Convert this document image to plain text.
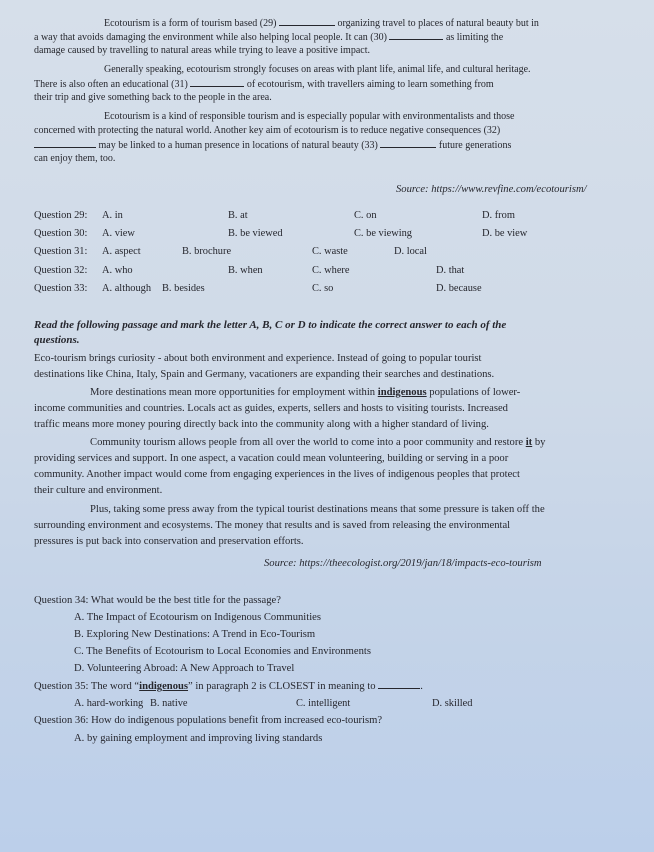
Ecotourism is a form of tourism based (29)	organizing travel to places of natural beauty but in
a way that avoids damaging the environment while also helping local people. It can (30)	as limiting the
damage caused by travelling to natural areas while trying to leave a positive impact.
Generally speaking, ecotourism strongly focuses on areas with plant life, animal life, and cultural heritage.
There is also often an educational (31)	of ecotourism, with travellers aiming to learn something from
their trip and give something back to the people in the area.
Ecotourism is a kind of responsible tourism and is especially popular with environmentalists and those
concerned with protecting the natural world. Another key aim of ecotourism is to reduce negative consequences (32)
may be linked to a human presence in locations of natural beauty (33)	future generations
can enjoy them, too.
Source: https://www.revfine.com/ecotourism/
Question 29: A. in	B. at	C. on	D. from
Question 30: A. view	B. be viewed	C. be viewing	D. be view
Question 31: A. aspect	B. brochure	C. waste	D. local
Question 32: A. who	B. when	C. where	D. that
Question 33: A. although B. besides	C. so	D. because
Read the following passage and mark the letter A, B, C or D to indicate the correct answer to each of the
questions.
Eco-tourism brings curiosity - about both environment and experience. Instead of going to popular tourist
destinations like China, Italy, Spain and Germany, vacationers are expanding their searches and destinations.
More destinations mean more opportunities for employment within indigenous populations of lower-
income communities and countries. Locals act as guides, experts, sellers and hosts to visiting tourists. Increased
traffic means more money pouring directly back into the community along with a higher standard of living.
Community tourism allows people from all over the world to come into a poor community and restore it by
providing services and support. In one aspect, a vacation could mean volunteering, building or serving in a poor
community. Another impact would come from engaging experiences in the lives of indigenous peoples that protect
their culture and environment.
Plus, taking some press away from the typical tourist destinations means that some pressure is taken off the
surrounding environment and ecosystems. The money that results and is saved from releasing the environmental
pressures is put back into conservation and preservation efforts.
Source: https://theecologist.org/2019/jan/18/impacts-eco-tourism
Question 34: What would be the best title for the passage?
A. The Impact of Ecotourism on Indigenous Communities
B. Exploring New Destinations: A Trend in Eco-Tourism
C. The Benefits of Ecotourism to Local Economies and Environments
D. Volunteering Abroad: A New Approach to Travel
Question 35: The word “indigenous” in paragraph 2 is CLOSEST in meaning to	.
A. hard-working B. native	C. intelligent	D. skilled
Question 36: How do indigenous populations benefit from increased eco-tourism?
A. by gaining employment and improving living standards
